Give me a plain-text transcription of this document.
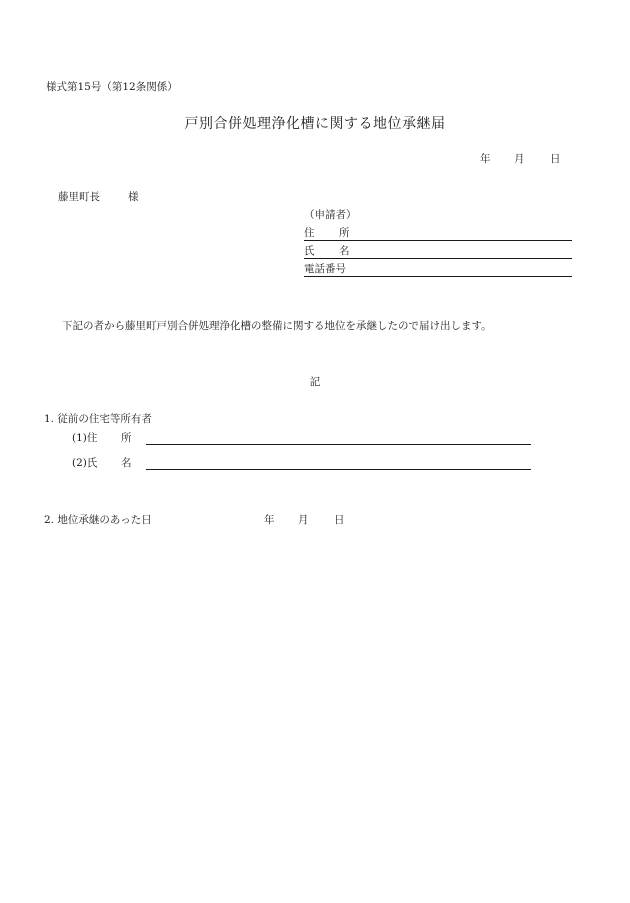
様式第15号（第12条関係）
戸別合併処理浄化槽に関する地位承継届
年 月 日
藤里町長	様
（申請者）
住 所
氏 名
電話番号
下記の者から藤里町戸別合併処理浄化槽の整備に関する地位を承継したので届け出します。
記
1. 従前の住宅等所有者
(1)住 所
(2)氏 名
2. 地位承継のあった日	年 月 日
